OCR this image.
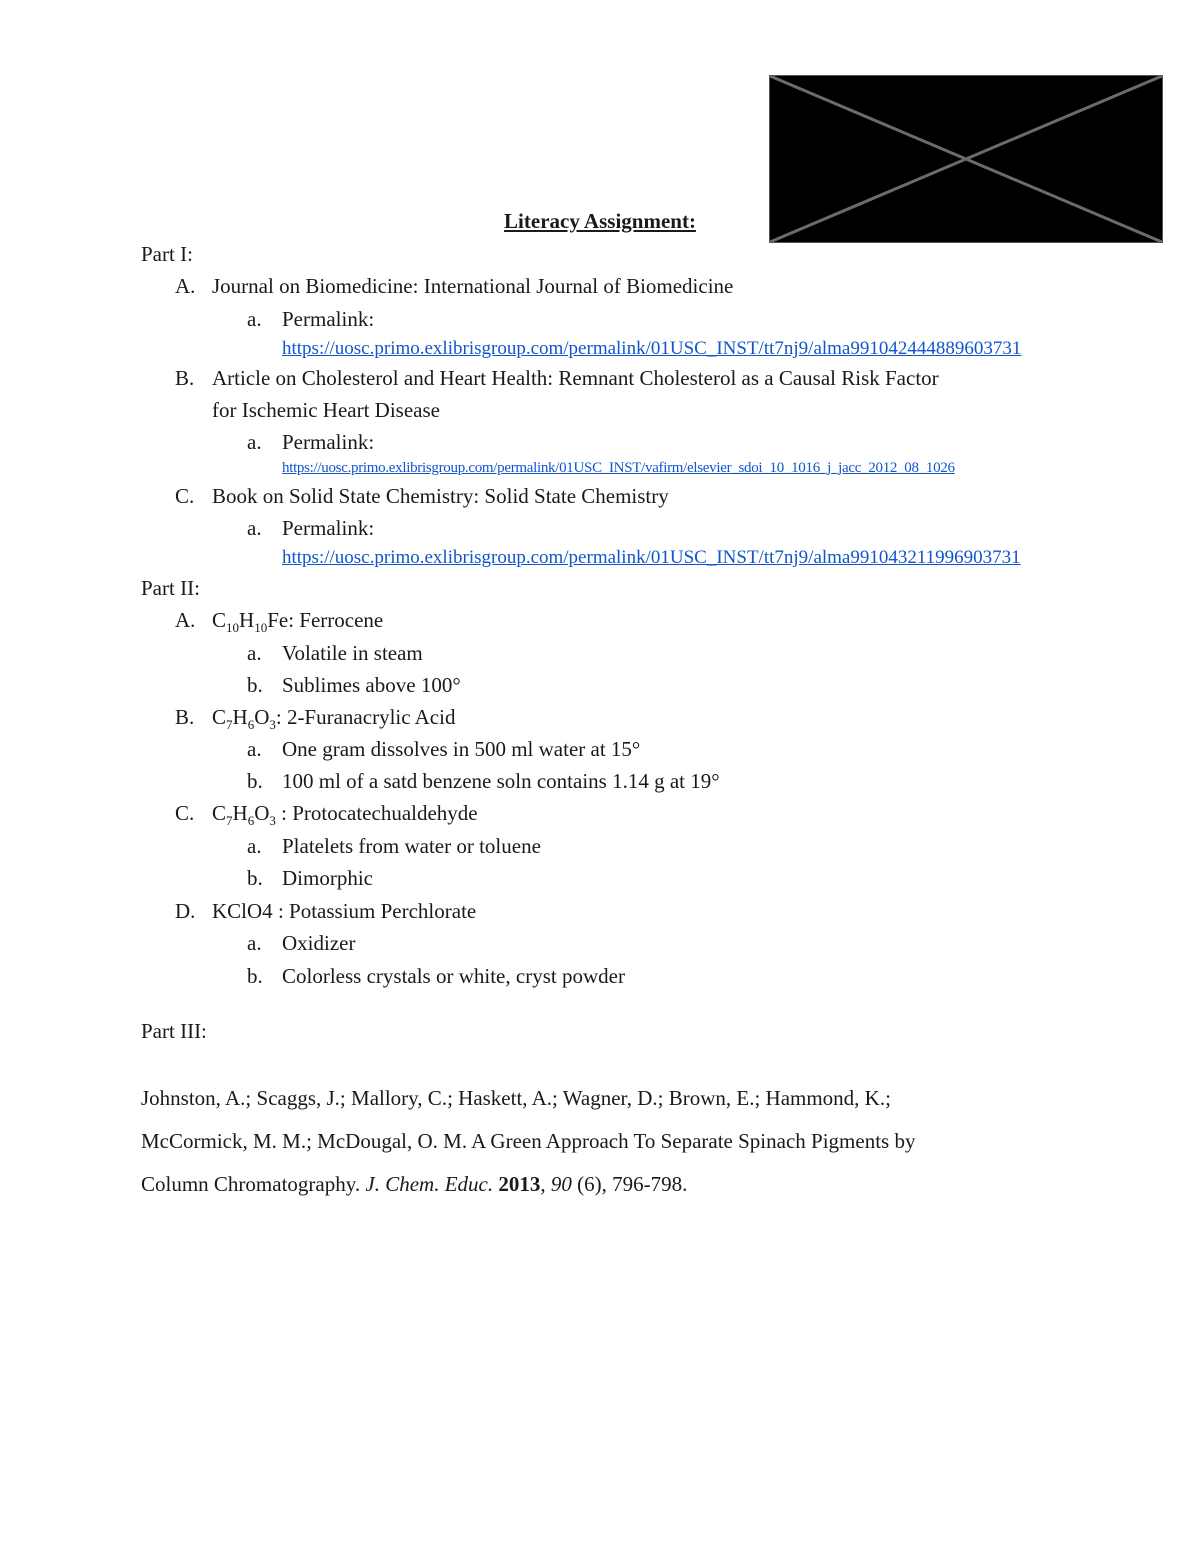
Literacy Assignment:
Part I:
A. Journal on Biomedicine: International Journal of Biomedicine
a. Permalink:
https://uosc.primo.exlibrisgroup.com/permalink/01USC_INST/tt7nj9/alma991042444889603731
B. Article on Cholesterol and Heart Health: Remnant Cholesterol as a Causal Risk Factor
for Ischemic Heart Disease
a. Permalink:
https://uosc.primo.exlibrisgroup.com/permalink/01USC_INST/vafirm/elsevier_sdoi_10_1016_j_jacc_2012_08_1026
C. Book on Solid State Chemistry: Solid State Chemistry
a. Permalink:
https://uosc.primo.exlibrisgroup.com/permalink/01USC_INST/tt7nj9/alma991043211996903731
Part II:
A. $C_{10}H_{10}Fe$: Ferrocene
a. Volatile in steam
b. Sublimes above 100°
B. $C_7H_6O_3$: 2-Furanacrylic Acid
a. One gram dissolves in 500 ml water at 15°
b. 100 ml of a satd benzene soln contains 1.14 g at 19°
C. $C_7H_6O_3$ : Protocatechualdehyde
a. Platelets from water or toluene
b. Dimorphic
D. KClO4 : Potassium Perchlorate
a. Oxidizer
b. Colorless crystals or white, cryst powder
Part III:
Johnston, A.; Scaggs, J.; Mallory, C.; Haskett, A.; Wagner, D.; Brown, E.; Hammond, K.;
McCormick, M. M.; McDougal, O. M. A Green Approach To Separate Spinach Pigments by
Column Chromatography. J. Chem. Educ. 2013, 90 (6), 796-798.
